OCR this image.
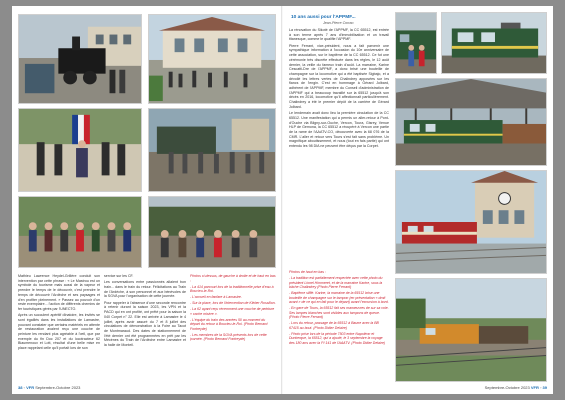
Mathieu Lawrence Heydel-Grillère conduit son intervention par cette phrase : « Le Mastrou est un symbole du tourisme mais aussi de la vapeur et prendre le temps de le découvrir, c'est prendre le temps de découvrir l'Ardèche et ses paysages et d'en profiter pleinement. » Passez au pouvoir d'un reste exemplaire... l'action de différents chemins de fer touristiques gérés par l'UNECTO.

Après un succulent apéritif dînatoire, les invités se sont égaillés dans les installations de Lamastre, pouvant constater que certains matériels en attente de restauration avaient reçu une couche de peinture les rendant plus agréable à l'œil, que par exemple du fin Doc 207 et du locotracteur 62 Biaumenoux et Lott, résultat d'une belle mise en place rappelant celle qu'il portait lors de son

service sur les CF.

Les conversations entre passionnés allaient bon train... dans le train du retour. Félicitations au Train de l'Ardèche, à son personnel et aux bénévoles de la SGVA pour l'organisation de cette journée.

Pour rappeler à l'absence d'une seconde rencontre à retenir durant la saison 2023, les VPN et la PACD qui en ont profité, ont prêté pour la saison la 040 Corpet n° 22. Elle est arrivée à Lamastre le 4 juillet, après avoir assuré du 7 et 8 juillet des circulations de démonstration à la Foire au Tacot de Montmaraud. Des dates de stationnement de l'été dernier ont été programmées en prêt par les Mécènes du Train de l'Ardèche entre Lamastre et la halle de Monteil.

Photos ci-dessus, de gauche à droite et de haut en bas :

- La 414 parcourt lors de la traditionnelle prise d'eau à Boucieu-le-Roi.

- L'accueil en fanfare à Lamastre.

- Sur la place, lors de l'intervention de Kléber Rossillon.

- La 62 ayant reçu récemment une couche de peinture « cache misère ».

- L'équipe du train des années 50 au moment du départ du retour à Boucieu-le-Roi. (Photo Bernard Fontreyde)

- Les membres de la SGVA présents lors de cette journée. (Photo Bernard Fontreyde)

38 ◦ VFR Septembre-Octobre 2023
10 ans aussi pour l'APPMF...
Jean-Pierre Corrao

La rénovation du Sikoté de l'APPMF, la CC 65512, est entrée à son terme après 7 ans d'immobilisation et un travail titanesque, comme le qualifie l'APPMF.

Pierre Ferrant, vice-président, nous a fait parvenir une sympathique information à l'occasion du 10e anniversaire de cette association, sur le baptême de la CC 65512. Ce fut une cérémonie très discrète effectuée dans les règles, le 12 août dernier, la veille du fameux train d'août. La marraine, Karine Cescatti-Dre de l'APPMF, a donc brisé une bouteille de champagne sur la locomotive qui a été baptisée Sigbajo, et a dévoilé les lettres vertes de Chalindrey apposées sur les flancs de l'engin. C'est en hommage à Gérard Jolbard, adhérent de l'APPMF, membre du Conseil d'administration de l'APPMF qui a beaucoup travaillé sur la 65512 jusqu'à son décès en 2016, locomotive qu'il affectionnait particulièrement. Chalindrey a été le premier dépôt de la carrière de Gérard Jolbard.

Le lendemain avait donc lieu la première circulation de la CC 65512. Une manifestation qui a permis un aller-retour à Pont-d'Ouche via Bligny-sur-Ouche, Vercon, Toura, Gisrey, Venue HLP de Gemona, la CC 65512 a récupéré à Vercon une partie de la rame de l'AAATV-CO, découverte avec la 68 076 de la CMR. L'aller et retour vers Tours s'est fait sans problème. Un magnifique aboutissement, et nous (tout en fais partie) qui ont entendu les 98 DIA ne peuvent être déçus par la Corpet.

Photos de haut en bas :

- La tradition est parfaitement respectée avec cette photo du président Lionel Himmeret, et de la marraine Karine, sous la bâche Chalindrey (Photo Pierre Ferrant)

- Baptême sifflé. Karine, la marraine de la 65512 brise une bouteille de champagne sur le tampon (en présentation « droit avant » de ce qui en fait pour le départ) avant l'excursion à bord.

- En gare de Tours, la 65512 fait ses manœuvres de sur sa voie. Ses lampes blanches sont visibles aux tampons de queue. (Photo Pierre Ferrant)

- Lors du retour, passage de la 65512 à Baune avec la BB 67415 au bout. (Photo Didier Delaire)

- Photo prise lors de la période 7503 entre Napoléon et Dunkerque, la 65512, qui a ajouté, le 3 septembre la voyage des 180 ans avec la PI 141 de l'AAATV. (Photo Didier Delaire)

Septembre-Octobre 2023 VFR ◦ 39
